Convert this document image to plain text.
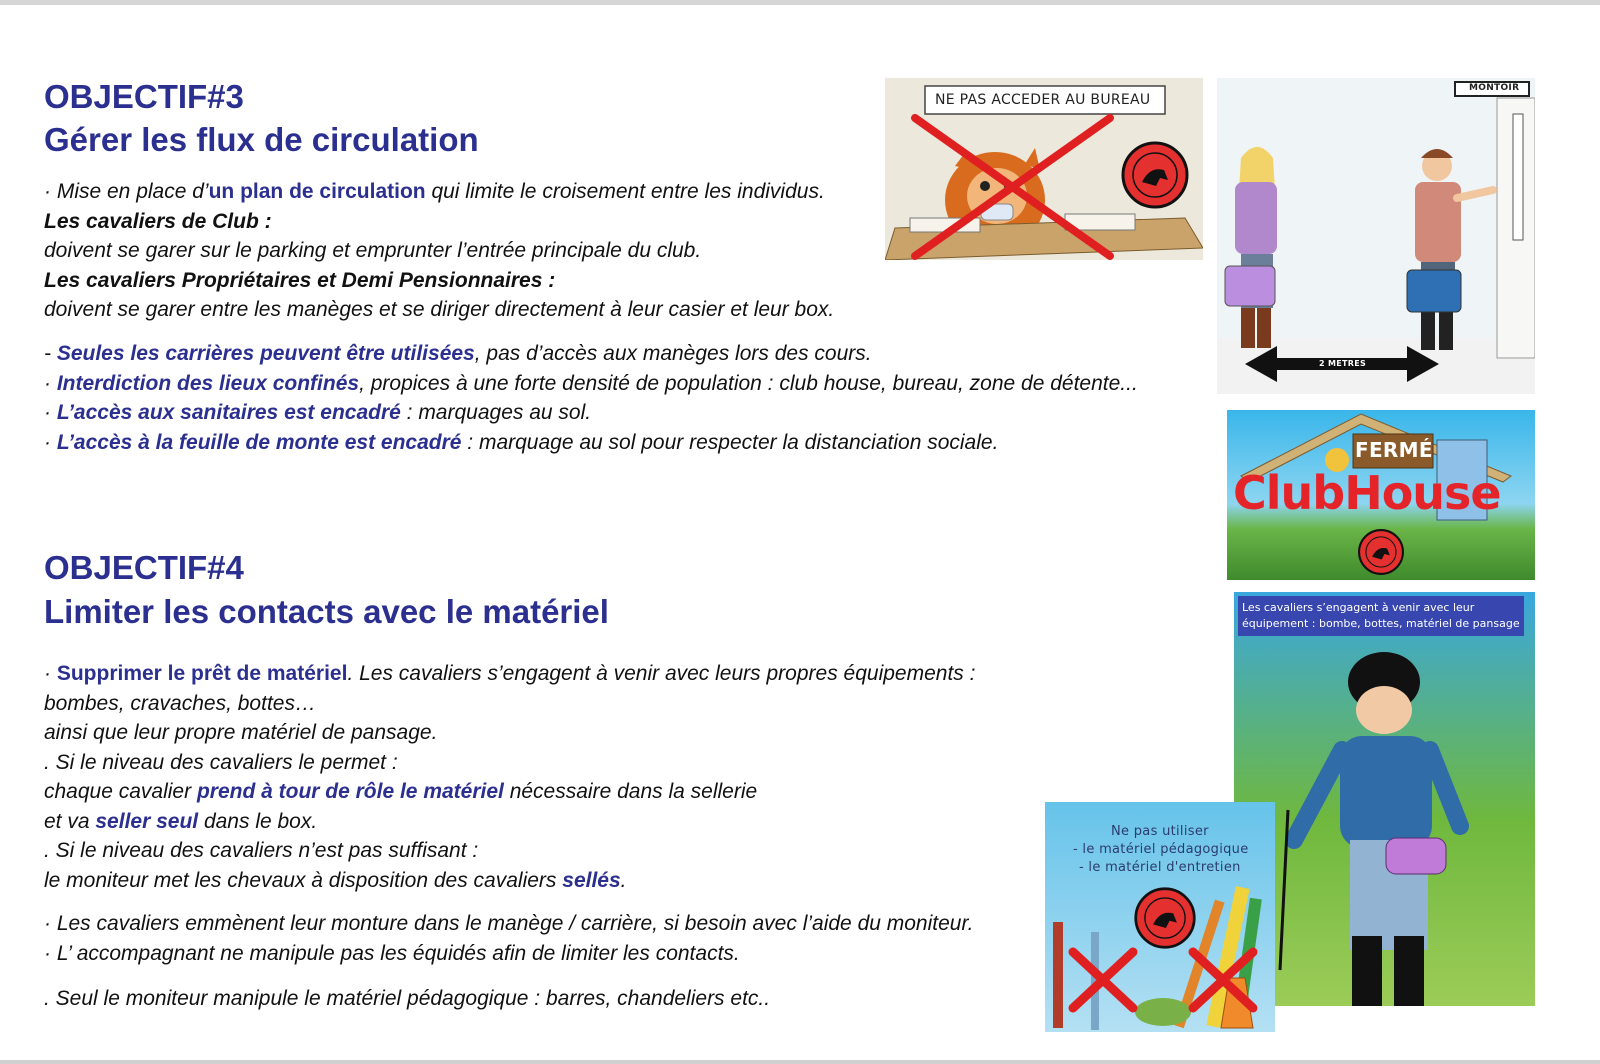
OBJECTIF#3
Gérer les flux de circulation
· Mise en place d’un plan de circulation qui limite le croisement entre les individus.
Les cavaliers de Club :
doivent se garer sur le parking et emprunter l’entrée principale du club.
Les cavaliers Propriétaires et Demi Pensionnaires :
doivent se garer entre les manèges et se diriger directement à leur casier et leur box.
- Seules les carrières peuvent être utilisées, pas d’accès aux manèges lors des cours.
· Interdiction des lieux confinés, propices à une forte densité de population : club house, bureau, zone de détente...
· L’accès aux sanitaires est encadré : marquages au sol.
· L’accès à la feuille de monte est encadré : marquage au sol pour respecter la distanciation sociale.
OBJECTIF#4
Limiter les contacts avec le matériel
· Supprimer le prêt de matériel. Les cavaliers s’engagent à venir avec leurs propres équipements :
bombes, cravaches, bottes…
ainsi que leur propre matériel de pansage.
. Si le niveau des cavaliers le permet :
chaque cavalier prend à tour de rôle le matériel nécessaire dans la sellerie
et va seller seul dans le box.
. Si le niveau des cavaliers n’est pas suffisant :
le moniteur met les chevaux à disposition des cavaliers sellés.
· Les cavaliers emmènent leur monture dans le manège / carrière, si besoin avec l’aide du moniteur.
· L’ accompagnant ne manipule pas les équidés afin de limiter les contacts.
. Seul le moniteur manipule le matériel pédagogique : barres, chandeliers etc..
NE PAS ACCEDER AU BUREAU
MONTOIR
2 METRES
FERMÉ
ClubHouse
Les cavaliers s’engagent à venir avec leur équipement : bombe, bottes, matériel de pansage
Ne pas utiliser
- le matériel pédagogique
- le matériel d'entretien
